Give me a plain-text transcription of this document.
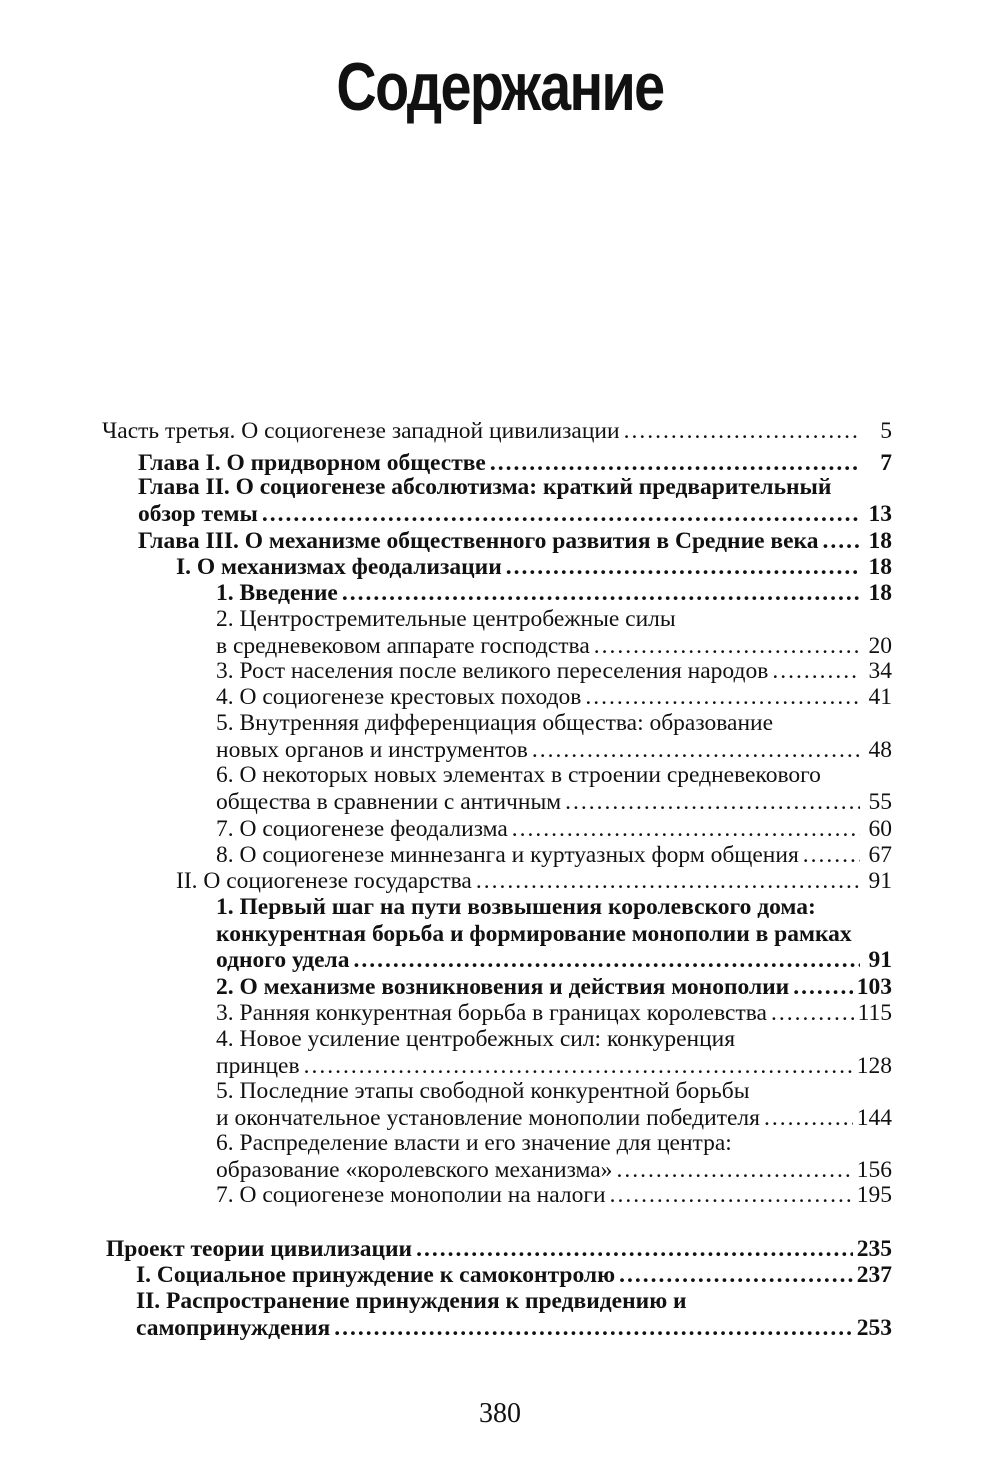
Содержание
Часть третья. О социогенезе западной цивилизации .....	5
Глава I. О придворном обществе .....	7
Глава II. О социогенезе абсолютизма: краткий предварительный
обзор темы .....	13
Глава III. О механизме общественного развития в Средние века ..... 18
I. О механизмах феодализации .....	18
1. Введение .....	18
2. Центростремительные центробежные силы
в средневековом аппарате господства .....	20
3. Рост населения после великого переселения народов .....	34
4. О социогенезе крестовых походов .....	41
5. Внутренняя дифференциация общества: образование
новых органов и инструментов .....	48
6. О некоторых новых элементах в строении средневекового
общества в сравнении с античным .....	55
7. О социогенезе феодализма .....	60
8. О социогенезе миннезанга и куртуазных форм общения .....	67
II. О социогенезе государства .....	91
1. Первый шаг на пути возвышения королевского дома:
конкурентная борьба и формирование монополии в рамках
одного удела .....	91
2. О механизме возникновения и действия монополии .....	103
3. Ранняя конкурентная борьба в границах королевства .....	115
4. Новое усиление центробежных сил: конкуренция
принцев .....	128
5. Последние этапы свободной конкурентной борьбы
и окончательное установление монополии победителя .....	144
6. Распределение власти и его значение для центра:
образование «королевского механизма» .....	156
7. О социогенезе монополии на налоги .....	195
Проект теории цивилизации .....	235
I. Социальное принуждение к самоконтролю .....	237
II. Распространение принуждения к предвидению и
самопринуждения .....	253
380
